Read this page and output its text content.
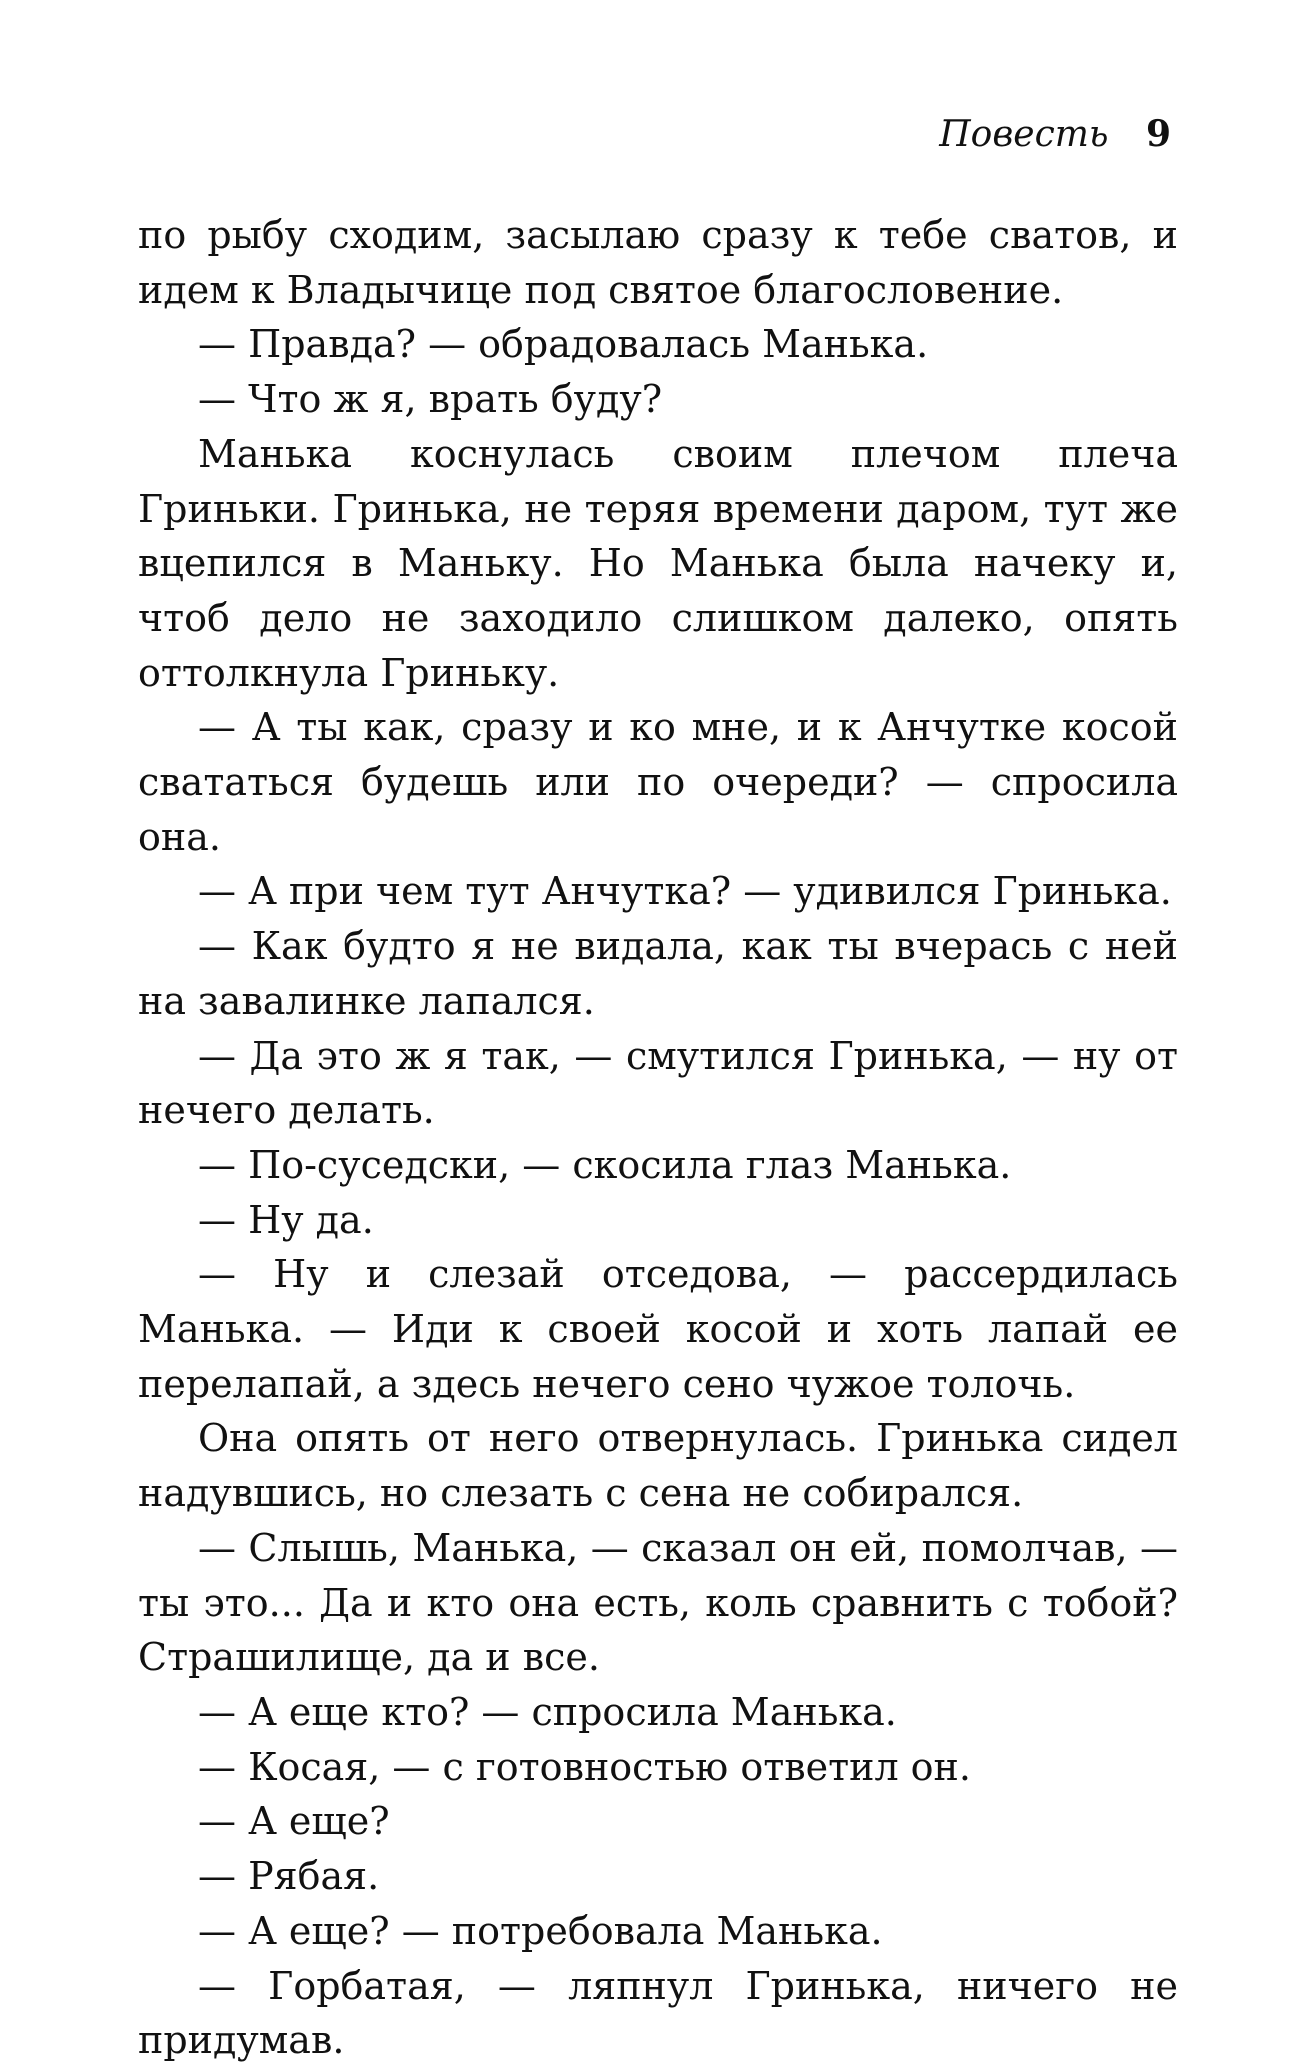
Повесть 9

по рыбу сходим, засылаю сразу к тебе сватов, и идем к Владычице под святое благословение.

— Правда? — обрадовалась Манька.

— Что ж я, врать буду?

Манька коснулась своим плечом плеча Гриньки. Гринька, не теряя времени даром, тут же вцепился в Маньку. Но Манька была начеку и, чтоб дело не заходило слишком далеко, опять оттолкнула Гриньку.

— А ты как, сразу и ко мне, и к Анчутке косой свататься будешь или по очереди? — спросила она.

— А при чем тут Анчутка? — удивился Гринька.

— Как будто я не видала, как ты вчерась с ней на завалинке лапался.

— Да это ж я так, — смутился Гринька, — ну от нечего делать.

— По-суседски, — скосила глаз Манька.

— Ну да.

— Ну и слезай отседова, — рассердилась Манька. — Иди к своей косой и хоть лапай ее перелапай, а здесь нечего сено чужое толочь.

Она опять от него отвернулась. Гринька сидел надувшись, но слезать с сена не собирался.

— Слышь, Манька, — сказал он ей, помолчав, — ты это... Да и кто она есть, коль сравнить с тобой? Страшилище, да и все.

— А еще кто? — спросила Манька.

— Косая, — с готовностью ответил он.

— А еще?

— Рябая.

— А еще? — потребовала Манька.

— Горбатая, — ляпнул Гринька, ничего не придумав.
